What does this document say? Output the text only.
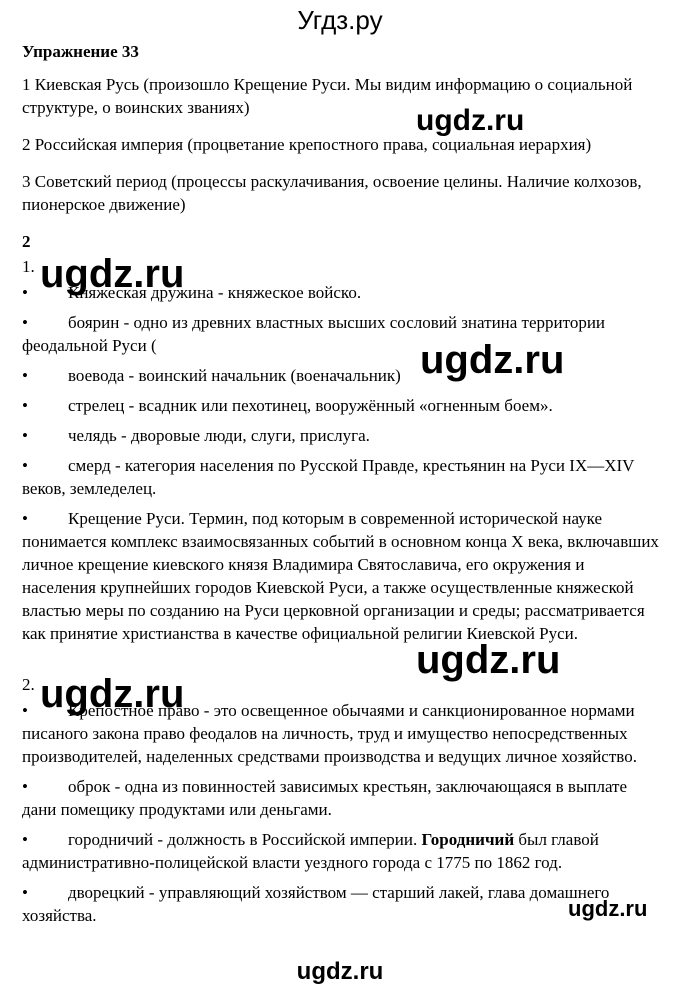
Угдз.ру
Упражнение 33
1 Киевская Русь (произошло Крещение Руси. Мы видим информацию о социальной структуре, о воинских званиях)
2 Российская империя (процветание крепостного права, социальная иерархия)
3 Советский период (процессы раскулачивания, освоение целины. Наличие колхозов, пионерское движение)
2
1.
• Княжеская дружина - княжеское войско.
• боярин - одно из древних властных высших сословий знатина территории феодальной Руси (
• воевода - воинский начальник (военачальник)
• стрелец - всадник или пехотинец, вооружённый «огненным боем».
• челядь - дворовые люди, слуги, прислуга.
• смерд - категория населения по Русской Правде, крестьянин на Руси IX—XIV веков, земледелец.
• Крещение Руси. Термин, под которым в современной исторической науке понимается комплекс взаимосвязанных событий в основном конца X века, включавших личное крещение киевского князя Владимира Святославича, его окружения и населения крупнейших городов Киевской Руси, а также осуществленные княжеской властью меры по созданию на Руси церковной организации и среды; рассматривается как принятие христианства в качестве официальной религии Киевской Руси.
2.
• Крепостное право - это освещенное обычаями и санкционированное нормами писаного закона право феодалов на личность, труд и имущество непосредственных производителей, наделенных средствами производства и ведущих личное хозяйство.
• оброк - одна из повинностей зависимых крестьян, заключающаяся в выплате дани помещику продуктами или деньгами.
• городничий - должность в Российской империи. Городничий был главой административно-полицейской власти уездного города с 1775 по 1862 год.
• дворецкий - управляющий хозяйством — старший лакей, глава домашнего хозяйства.
ugdz.ru
ugdz.ru
ugdz.ru
ugdz.ru
ugdz.ru
ugdz.ru
ugdz.ru
